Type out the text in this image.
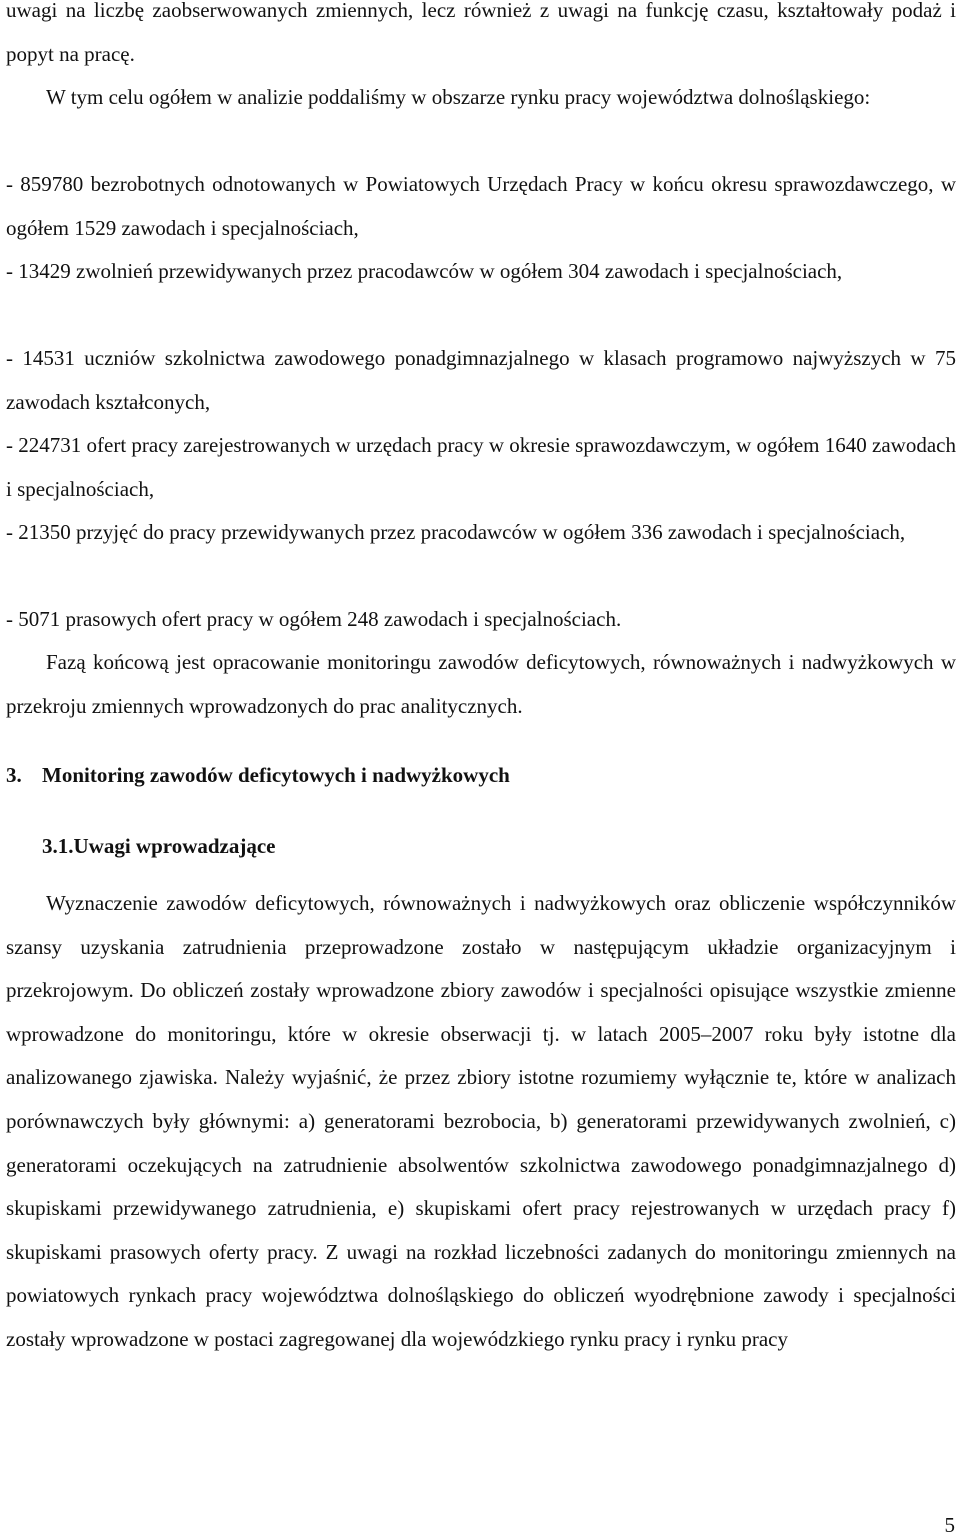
uwagi na liczbę zaobserwowanych zmiennych, lecz również z uwagi na funkcję czasu, kształtowały podaż i popyt na pracę.

W tym celu ogółem w analizie poddaliśmy w obszarze rynku pracy województwa dolnośląskiego:

- 859780 bezrobotnych odnotowanych w Powiatowych Urzędach Pracy w końcu okresu sprawozdawczego, w ogółem 1529 zawodach i specjalnościach,

- 13429 zwolnień przewidywanych przez pracodawców w ogółem 304 zawodach i specjalnościach,

- 14531 uczniów szkolnictwa zawodowego ponadgimnazjalnego w klasach programowo najwyższych w 75 zawodach kształconych,

- 224731 ofert pracy zarejestrowanych w urzędach pracy w okresie sprawozdawczym, w ogółem 1640 zawodach i specjalnościach,

- 21350 przyjęć do pracy przewidywanych przez pracodawców w ogółem 336 zawodach i specjalnościach,

- 5071 prasowych ofert pracy w ogółem 248 zawodach i specjalnościach.

Fazą końcową jest opracowanie monitoringu zawodów deficytowych, równoważnych i nadwyżkowych w przekroju zmiennych wprowadzonych do prac analitycznych.

3. Monitoring zawodów deficytowych i nadwyżkowych
3.1.Uwagi wprowadzające

Wyznaczenie zawodów deficytowych, równoważnych i nadwyżkowych oraz obliczenie współczynników szansy uzyskania zatrudnienia przeprowadzone zostało w następującym układzie organizacyjnym i przekrojowym. Do obliczeń zostały wprowadzone zbiory zawodów i specjalności opisujące wszystkie zmienne wprowadzone do monitoringu, które w okresie obserwacji tj. w latach 2005–2007 roku były istotne dla analizowanego zjawiska. Należy wyjaśnić, że przez zbiory istotne rozumiemy wyłącznie te, które w analizach porównawczych były głównymi: a) generatorami bezrobocia, b) generatorami przewidywanych zwolnień, c) generatorami oczekujących na zatrudnienie absolwentów szkolnictwa zawodowego ponadgimnazjalnego d) skupiskami przewidywanego zatrudnienia, e) skupiskami ofert pracy rejestrowanych w urzędach pracy f) skupiskami prasowych oferty pracy. Z uwagi na rozkład liczebności zadanych do monitoringu zmiennych na powiatowych rynkach pracy województwa dolnośląskiego do obliczeń wyodrębnione zawody i specjalności zostały wprowadzone w postaci zagregowanej dla wojewódzkiego rynku pracy i rynku pracy

5
